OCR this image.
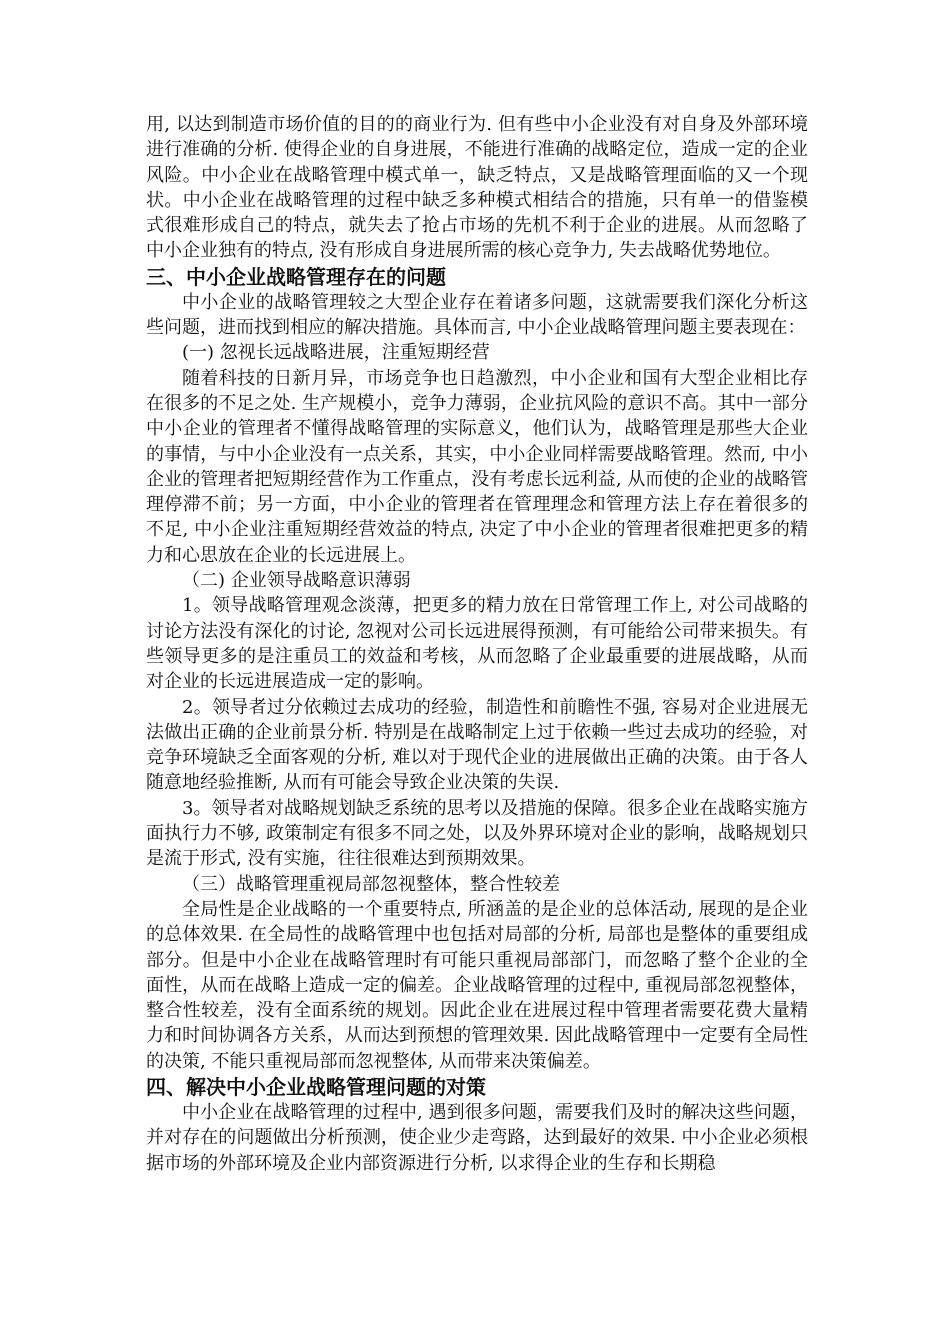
用, 以达到制造市场价值的目的的商业行为. 但有些中小企业没有对自身及外部环境进行准确的分析. 使得企业的自身进展，不能进行准确的战略定位，造成一定的企业风险。中小企业在战略管理中模式单一，缺乏特点，又是战略管理面临的又一个现状。中小企业在战略管理的过程中缺乏多种模式相结合的措施，只有单一的借鉴模式很难形成自己的特点，就失去了抢占市场的先机不利于企业的进展。从而忽略了中小企业独有的特点, 没有形成自身进展所需的核心竞争力, 失去战略优势地位。

三、中小企业战略管理存在的问题

中小企业的战略管理较之大型企业存在着诸多问题，这就需要我们深化分析这些问题，进而找到相应的解决措施。具体而言, 中小企业战略管理问题主要表现在：

(一) 忽视长远战略进展，注重短期经营

随着科技的日新月异，市场竞争也日趋激烈，中小企业和国有大型企业相比存在很多的不足之处. 生产规模小，竞争力薄弱，企业抗风险的意识不高。其中一部分中小企业的管理者不懂得战略管理的实际意义，他们认为，战略管理是那些大企业的事情，与中小企业没有一点关系，其实，中小企业同样需要战略管理。然而, 中小企业的管理者把短期经营作为工作重点，没有考虑长远利益, 从而使的企业的战略管理停滞不前；另一方面，中小企业的管理者在管理理念和管理方法上存在着很多的不足, 中小企业注重短期经营效益的特点, 决定了中小企业的管理者很难把更多的精力和心思放在企业的长远进展上。

（二) 企业领导战略意识薄弱

1。领导战略管理观念淡薄，把更多的精力放在日常管理工作上, 对公司战略的讨论方法没有深化的讨论, 忽视对公司长远进展得预测，有可能给公司带来损失。有些领导更多的是注重员工的效益和考核，从而忽略了企业最重要的进展战略，从而对企业的长远进展造成一定的影响。

2。领导者过分依赖过去成功的经验，制造性和前瞻性不强, 容易对企业进展无法做出正确的企业前景分析. 特别是在战略制定上过于依赖一些过去成功的经验，对竞争环境缺乏全面客观的分析, 难以对于现代企业的进展做出正确的决策。由于各人随意地经验推断, 从而有可能会导致企业决策的失误.

3。领导者对战略规划缺乏系统的思考以及措施的保障。很多企业在战略实施方面执行力不够, 政策制定有很多不同之处，以及外界环境对企业的影响，战略规划只是流于形式, 没有实施，往往很难达到预期效果。

（三）战略管理重视局部忽视整体，整合性较差

全局性是企业战略的一个重要特点, 所涵盖的是企业的总体活动, 展现的是企业的总体效果. 在全局性的战略管理中也包括对局部的分析, 局部也是整体的重要组成部分。但是中小企业在战略管理时有可能只重视局部部门，而忽略了整个企业的全面性，从而在战略上造成一定的偏差。企业战略管理的过程中, 重视局部忽视整体，整合性较差，没有全面系统的规划。因此企业在进展过程中管理者需要花费大量精力和时间协调各方关系，从而达到预想的管理效果. 因此战略管理中一定要有全局性的决策, 不能只重视局部而忽视整体, 从而带来决策偏差。

四、解决中小企业战略管理问题的对策

中小企业在战略管理的过程中, 遇到很多问题，需要我们及时的解决这些问题，并对存在的问题做出分析预测，使企业少走弯路，达到最好的效果. 中小企业必须根据市场的外部环境及企业内部资源进行分析, 以求得企业的生存和长期稳
